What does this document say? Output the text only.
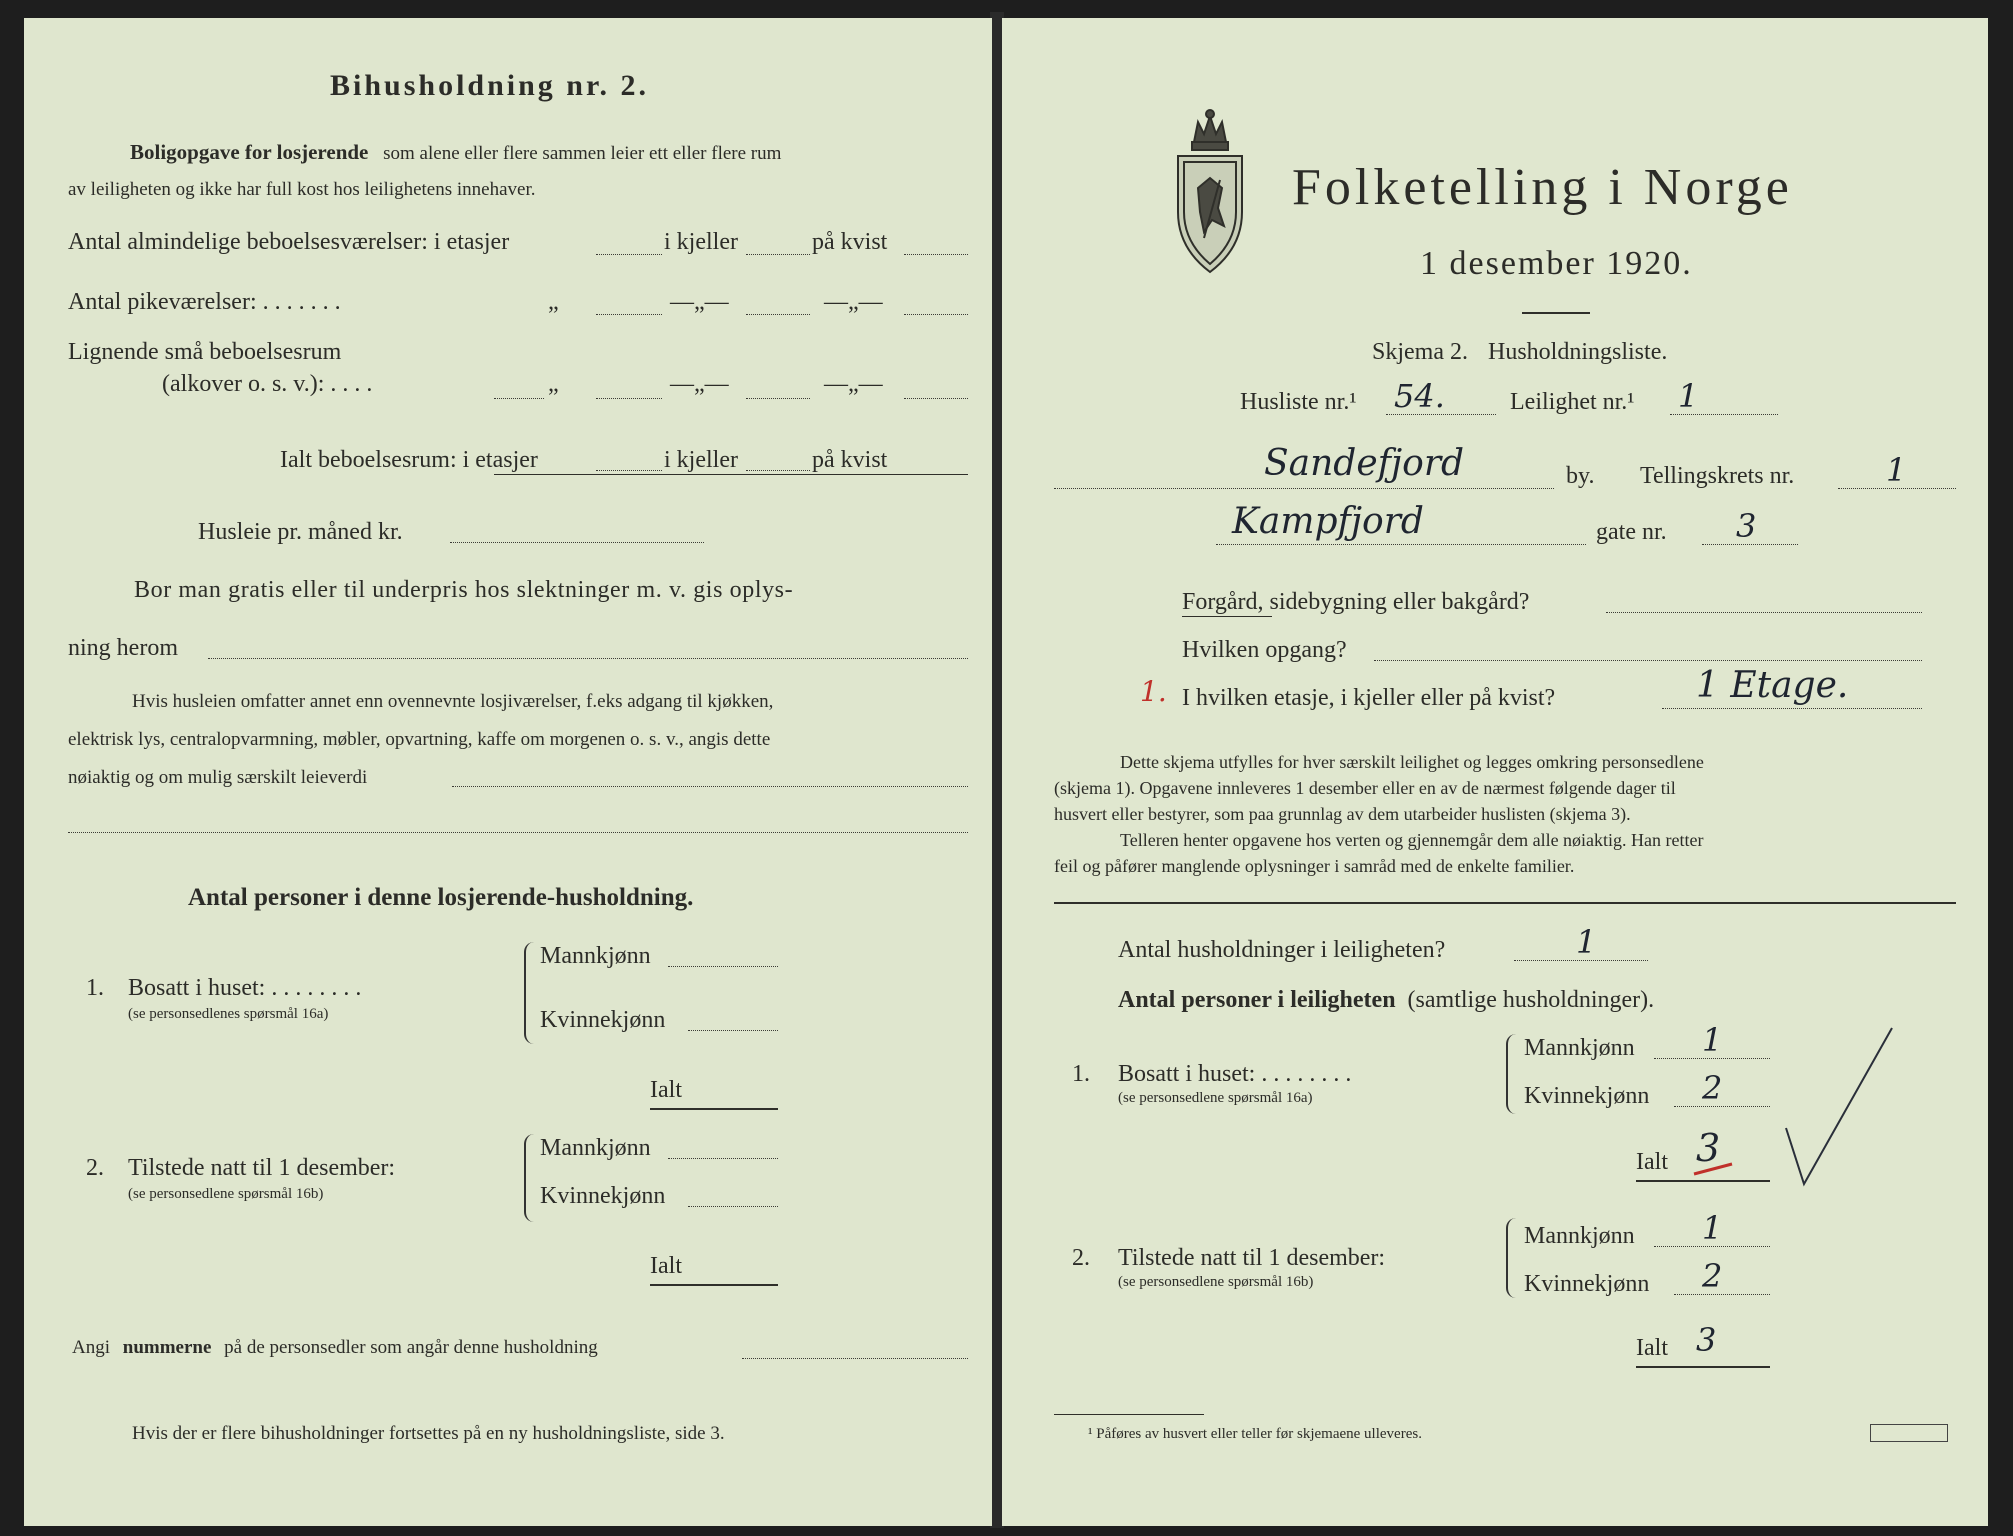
Bihusholdning nr. 2.
Boligopgave for losjerende som alene eller flere sammen leier ett eller flere rum
av leiligheten og ikke har full kost hos leilighetens innehaver.
Antal almindelige beboelsesværelser: i etasjer	i kjeller	på kvist
Antal pikeværelser: . . . . . . .	„	—„—	—„—
Lignende små beboelsesrum
(alkover o. s. v.): . . . .	„	—„—	—„—
Ialt beboelsesrum: i etasjer	i kjeller	på kvist
Husleie pr. måned kr.
Bor man gratis eller til underpris hos slektninger m. v. gis oplys-
ning herom
Hvis husleien omfatter annet enn ovennevnte losjiværelser, f.eks adgang til kjøkken,
elektrisk lys, centralopvarmning, møbler, opvartning, kaffe om morgenen o. s. v., angis dette
nøiaktig og om mulig særskilt leieverdi
Antal personer i denne losjerende-husholdning.
1. Bosatt i huset: . . . . . . . .
(se personsedlenes spørsmål 16a)
Mannkjønn
Kvinnekjønn
Ialt
2. Tilstede natt til 1 desember:
(se personsedlene spørsmål 16b)
Mannkjønn
Kvinnekjønn
Ialt
Angi nummerne på de personsedler som angår denne husholdning
Hvis der er flere bihusholdninger fortsettes på en ny husholdningsliste, side 3.
Folketelling i Norge
1 desember 1920.
Skjema 2. Husholdningsliste.
Husliste nr.¹ 54.	Leilighet nr.¹ 1
Sandefjord	by. Tellingskrets nr.	1
Kampfjord	gate nr. 3
Forgård, sidebygning eller bakgård?
Hvilken opgang?
1. I hvilken etasje, i kjeller eller på kvist?	1 Etage.
Dette skjema utfylles for hver særskilt leilighet og legges omkring personsedlene
(skjema 1). Opgavene innleveres 1 desember eller en av de nærmest følgende dager til
husvert eller bestyrer, som paa grunnlag av dem utarbeider huslisten (skjema 3).
Telleren henter opgavene hos verten og gjennemgår dem alle nøiaktig. Han retter
feil og påfører manglende oplysninger i samråd med de enkelte familier.
Antal husholdninger i leiligheten?	1
Antal personer i leiligheten (samtlige husholdninger).
1. Bosatt i huset: . . . . . . . .
(se personsedlene spørsmål 16a)
Mannkjønn 1
Kvinnekjønn 2
Ialt 3
2. Tilstede natt til 1 desember:
(se personsedlene spørsmål 16b)
Mannkjønn 1
Kvinnekjønn 2
Ialt 3
¹ Påføres av husvert eller teller før skjemaene ulleveres.
